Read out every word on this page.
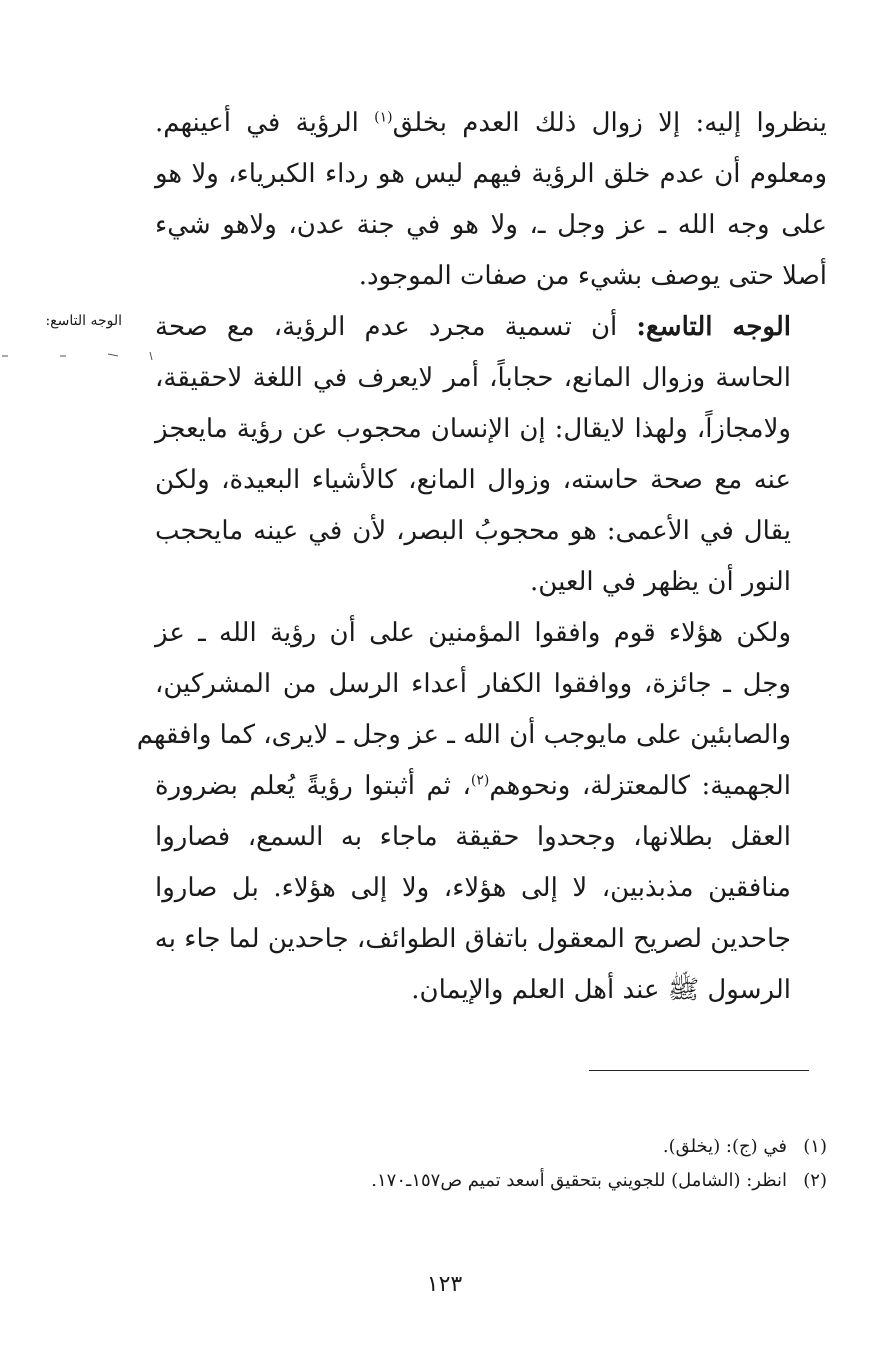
الوجه التاسع:
ينظروا إليه: إلا زوال ذلك العدم بخلق$^{(١)}$ الرؤية في أعينهم.
ومعلوم أن عدم خلق الرؤية فيهم ليس هو رداء الكبرياء، ولا هو
على وجه الله ـ عز وجل ـ، ولا هو في جنة عدن، ولاهو شيء
أصلا حتى يوصف بشيء من صفات الموجود.
الوجه التاسع: أن تسمية مجرد عدم الرؤية، مع صحة
الحاسة وزوال المانع، حجاباً، أمر لايعرف في اللغة لاحقيقة،
ولامجازاً، ولهذا لايقال: إن الإنسان محجوب عن رؤية مايعجز
عنه مع صحة حاسته، وزوال المانع، كالأشياء البعيدة، ولكن
يقال في الأعمى: هو محجوبُ البصر، لأن في عينه مايحجب
النور أن يظهر في العين.
ولكن هؤلاء قوم وافقوا المؤمنين على أن رؤية الله ـ عز
وجل ـ جائزة، ووافقوا الكفار أعداء الرسل من المشركين،
والصابئين على مايوجب أن الله ـ عز وجل ـ لايرى، كما وافقهم
الجهمية: كالمعتزلة، ونحوهم$^{(٢)}$، ثم أثبتوا رؤيةً يُعلم بضرورة
العقل بطلانها، وجحدوا حقيقة ماجاء به السمع، فصاروا
منافقين مذبذبين، لا إلى هؤلاء، ولا إلى هؤلاء. بل صاروا
جاحدين لصريح المعقول باتفاق الطوائف، جاحدين لما جاء به
الرسول ﷺ عند أهل العلم والإيمان.
(١)في (ج): (يخلق).
(٢)انظر: (الشامل) للجويني بتحقيق أسعد تميم ص١٥٧ـ١٧٠.
١٢٣
